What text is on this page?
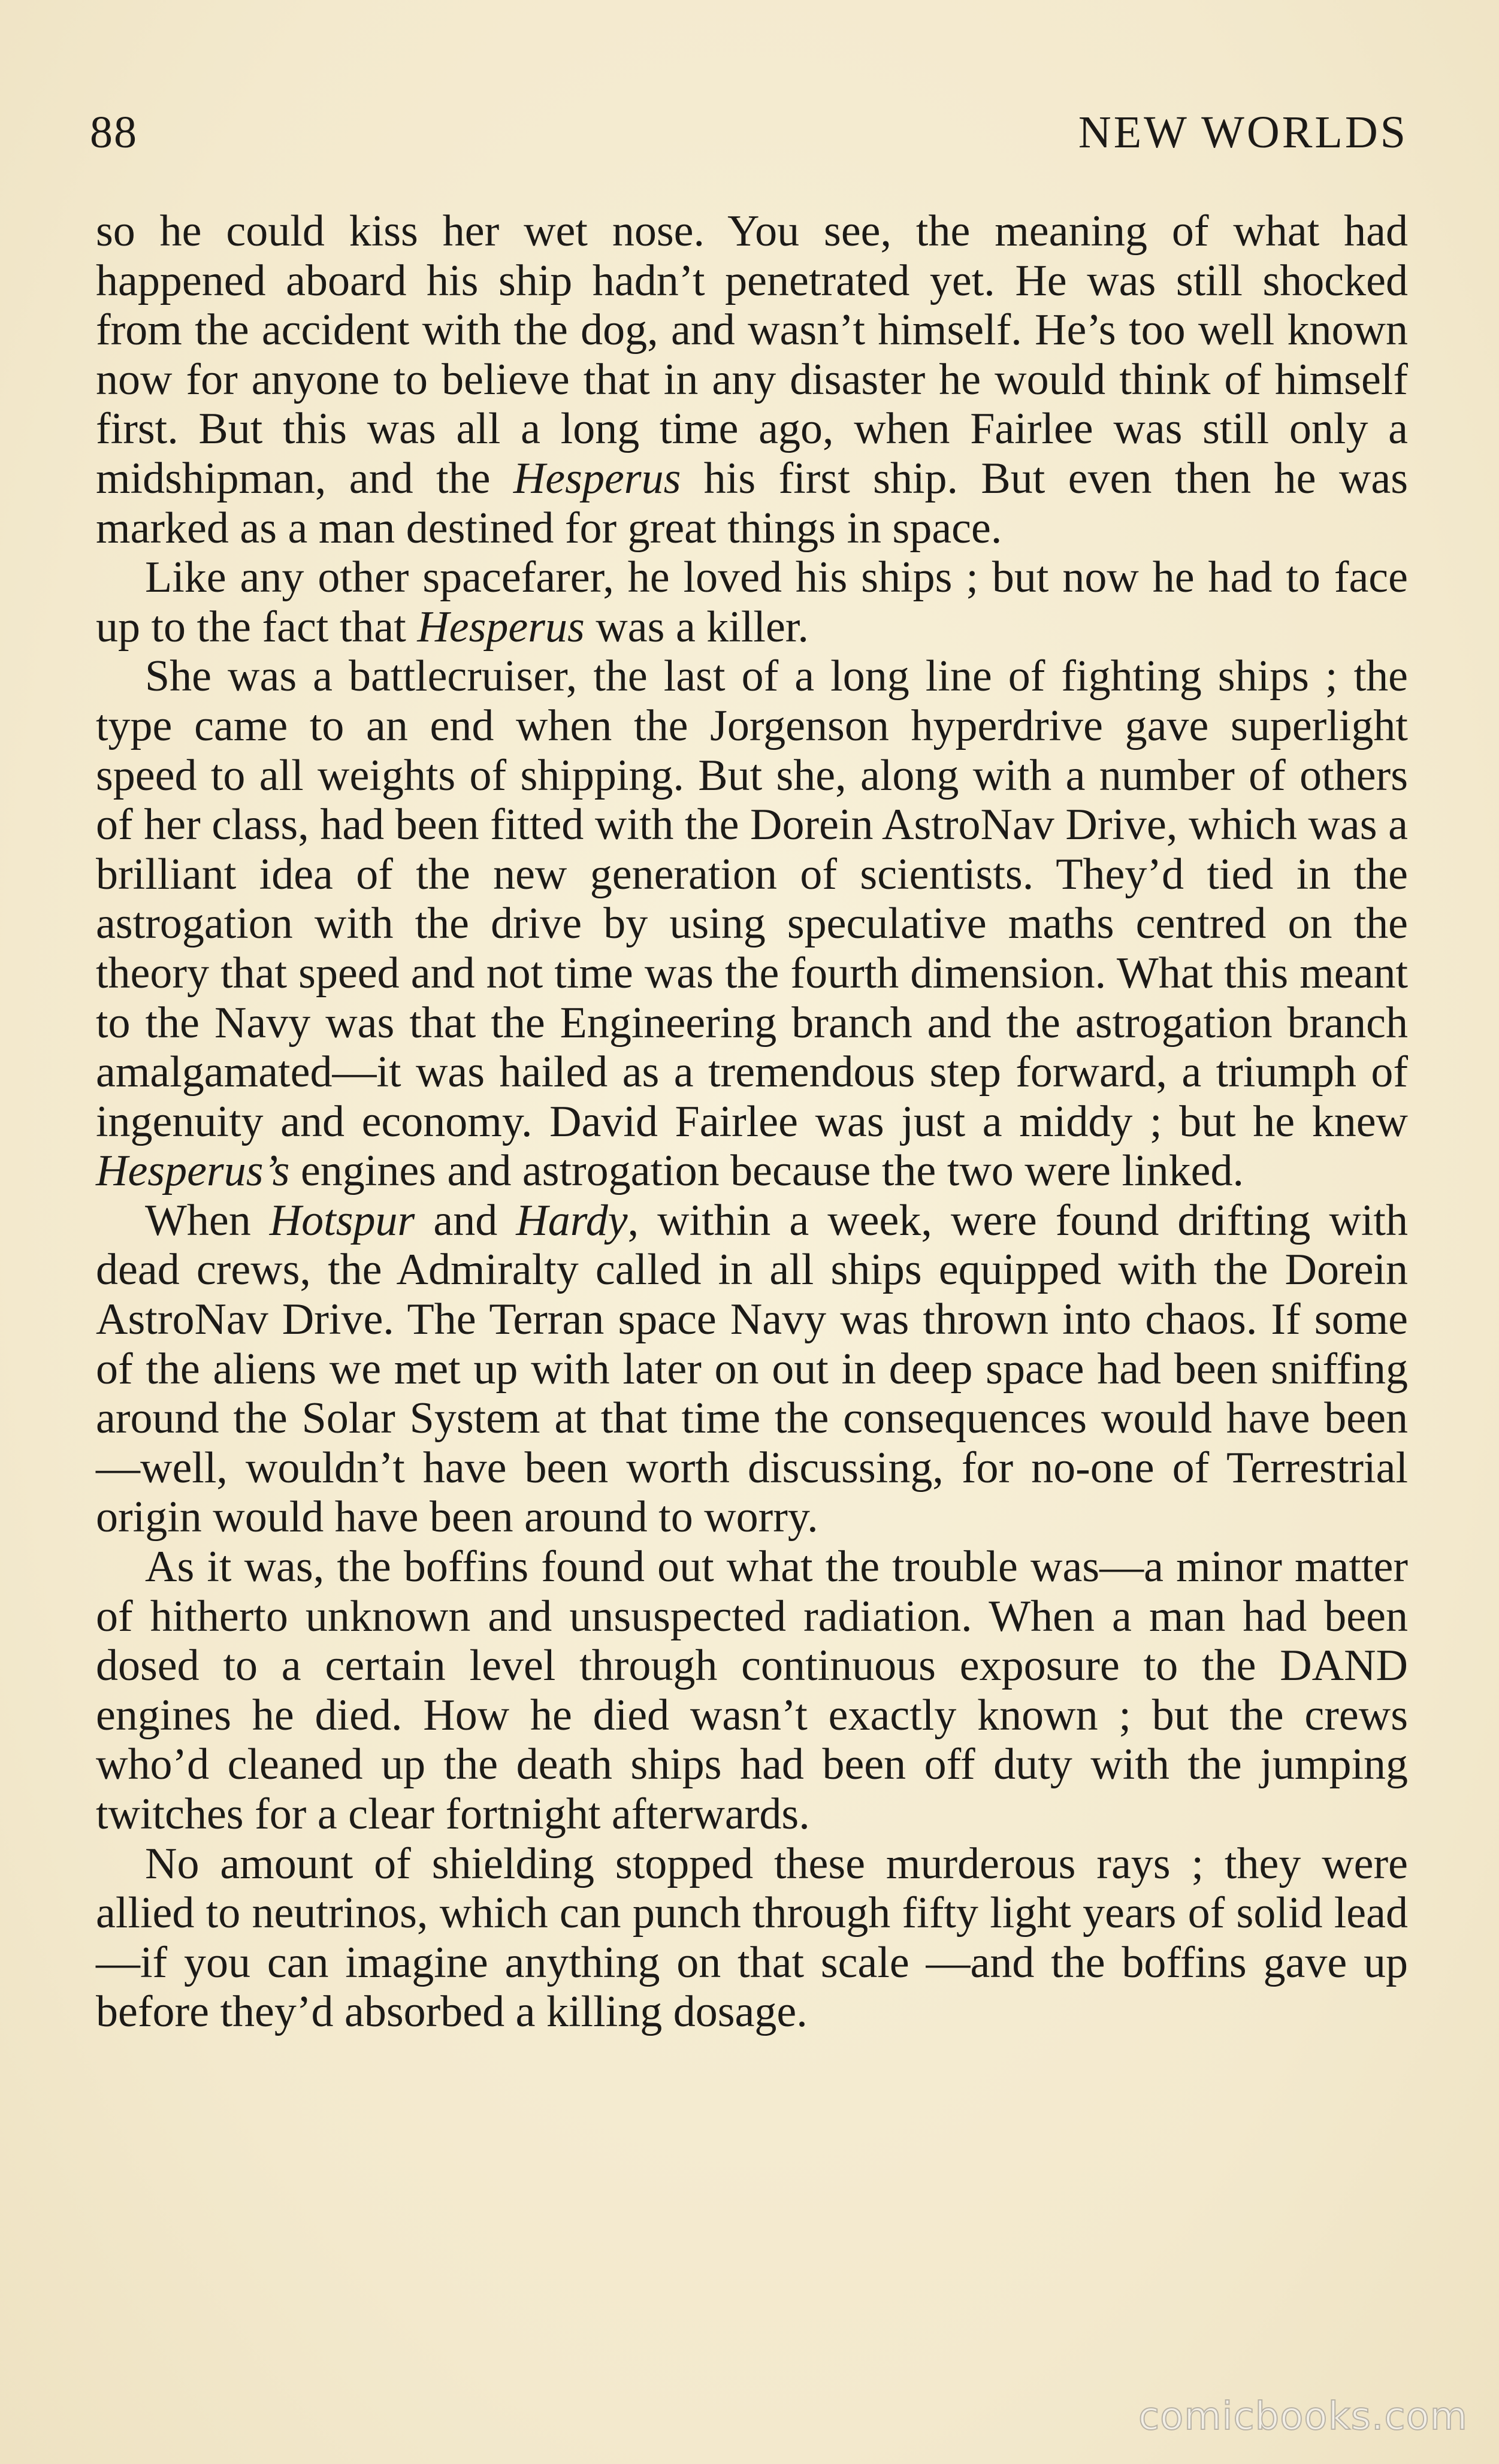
88	NEW WORLDS

so he could kiss her wet nose. You see, the meaning of what had happened aboard his ship hadn’t penetrated yet. He was still shocked from the accident with the dog, and wasn’t himself. He’s too well known now for anyone to believe that in any disaster he would think of himself first. But this was all a long time ago, when Fairlee was still only a midshipman, and the Hesperus his first ship. But even then he was marked as a man destined for great things in space.

Like any other spacefarer, he loved his ships ; but now he had to face up to the fact that Hesperus was a killer.

She was a battlecruiser, the last of a long line of fighting ships ; the type came to an end when the Jorgenson hyperdrive gave superlight speed to all weights of shipping. But she, along with a number of others of her class, had been fitted with the Dorein AstroNav Drive, which was a brilliant idea of the new generation of scientists. They’d tied in the astrogation with the drive by using speculative maths centred on the theory that speed and not time was the fourth dimension. What this meant to the Navy was that the Engineering branch and the astrogation branch amalgamated—it was hailed as a tremendous step forward, a triumph of ingenuity and economy. David Fairlee was just a middy ; but he knew Hesperus’s engines and astrogation because the two were linked.

When Hotspur and Hardy, within a week, were found drifting with dead crews, the Admiralty called in all ships equipped with the Dorein AstroNav Drive. The Terran space Navy was thrown into chaos. If some of the aliens we met up with later on out in deep space had been sniffing around the Solar System at that time the consequences would have been—well, wouldn’t have been worth discussing, for no-one of Terrestrial origin would have been around to worry.

As it was, the boffins found out what the trouble was—a minor matter of hitherto unknown and unsuspected radiation. When a man had been dosed to a certain level through continuous exposure to the DAND engines he died. How he died wasn’t exactly known ; but the crews who’d cleaned up the death ships had been off duty with the jumping twitches for a clear fortnight afterwards.

No amount of shielding stopped these murderous rays ; they were allied to neutrinos, which can punch through fifty light years of solid lead—if you can imagine anything on that scale —and the boffins gave up before they’d absorbed a killing dosage.

comicbooks.com
